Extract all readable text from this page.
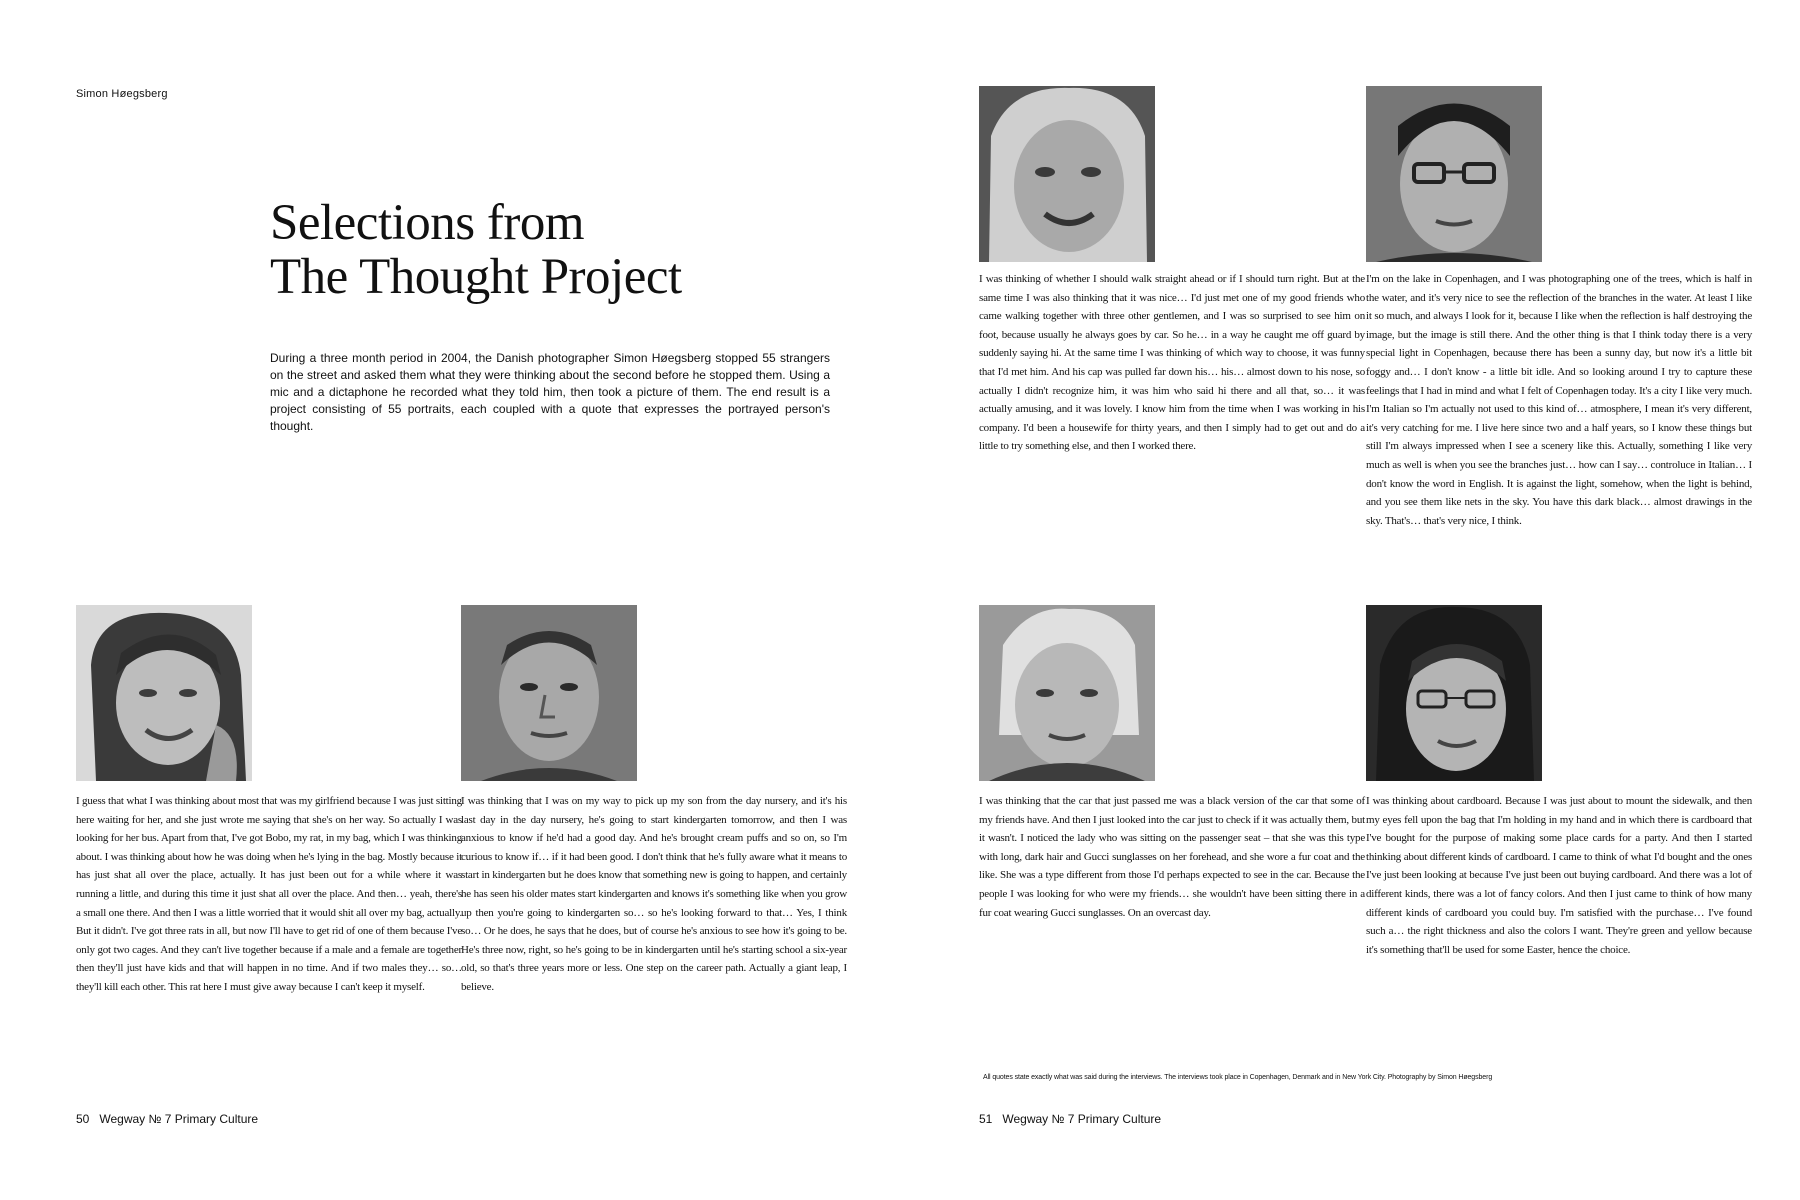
Simon Høegsberg
Selections from
The Thought Project

During a three month period in 2004, the Danish photographer Simon Høegsberg stopped 55 strangers on the street and asked them what they were thinking about the second before he stopped them. Using a mic and a dictaphone he recorded what they told him, then took a picture of them. The end result is a project consisting of 55 portraits, each coupled with a quote that expresses the portrayed person's thought.

I guess that what I was thinking about most that was my girlfriend because I was just sitting here waiting for her, and she just wrote me saying that she's on her way. So actually I was looking for her bus. Apart from that, I've got Bobo, my rat, in my bag, which I was thinking about. I was thinking about how he was doing when he's lying in the bag. Mostly because it has just shat all over the place, actually. It has just been out for a while where it was running a little, and during this time it just shat all over the place. And then… yeah, there's a small one there. And then I was a little worried that it would shit all over my bag, actually. But it didn't. I've got three rats in all, but now I'll have to get rid of one of them because I've only got two cages. And they can't live together because if a male and a female are together then they'll just have kids and that will happen in no time. And if two males they… so… they'll kill each other. This rat here I must give away because I can't keep it myself.
I was thinking that I was on my way to pick up my son from the day nursery, and it's his last day in the day nursery, he's going to start kindergarten tomorrow, and then I was anxious to know if he'd had a good day. And he's brought cream puffs and so on, so I'm curious to know if… if it had been good. I don't think that he's fully aware what it means to start in kindergarten but he does know that something new is going to happen, and certainly he has seen his older mates start kindergarten and knows it's something like when you grow up then you're going to kindergarten so… so he's looking forward to that… Yes, I think so… Or he does, he says that he does, but of course he's anxious to see how it's going to be. He's three now, right, so he's going to be in kindergarten until he's starting school a six-year old, so that's three years more or less. One step on the career path. Actually a giant leap, I believe.
50 Wegway № 7 Primary Culture
I was thinking of whether I should walk straight ahead or if I should turn right. But at the same time I was also thinking that it was nice… I'd just met one of my good friends who came walking together with three other gentlemen, and I was so surprised to see him on foot, because usually he always goes by car. So he… in a way he caught me off guard by suddenly saying hi. At the same time I was thinking of which way to choose, it was funny that I'd met him. And his cap was pulled far down his… his… almost down to his nose, so actually I didn't recognize him, it was him who said hi there and all that, so… it was actually amusing, and it was lovely. I know him from the time when I was working in his company. I'd been a housewife for thirty years, and then I simply had to get out and do a little to try something else, and then I worked there.
I'm on the lake in Copenhagen, and I was photographing one of the trees, which is half in the water, and it's very nice to see the reflection of the branches in the water. At least I like it so much, and always I look for it, because I like when the reflection is half destroying the image, but the image is still there. And the other thing is that I think today there is a very special light in Copenhagen, because there has been a sunny day, but now it's a little bit foggy and… I don't know - a little bit idle. And so looking around I try to capture these feelings that I had in mind and what I felt of Copenhagen today. It's a city I like very much. I'm Italian so I'm actually not used to this kind of… atmosphere, I mean it's very different, it's very catching for me. I live here since two and a half years, so I know these things but still I'm always impressed when I see a scenery like this. Actually, something I like very much as well is when you see the branches just… how can I say… controluce in Italian… I don't know the word in English. It is against the light, somehow, when the light is behind, and you see them like nets in the sky. You have this dark black… almost drawings in the sky. That's… that's very nice, I think.
I was thinking that the car that just passed me was a black version of the car that some of my friends have. And then I just looked into the car just to check if it was actually them, but it wasn't. I noticed the lady who was sitting on the passenger seat – that she was this type with long, dark hair and Gucci sunglasses on her forehead, and she wore a fur coat and the like. She was a type different from those I'd perhaps expected to see in the car. Because the people I was looking for who were my friends… she wouldn't have been sitting there in a fur coat wearing Gucci sunglasses. On an overcast day.
I was thinking about cardboard. Because I was just about to mount the sidewalk, and then my eyes fell upon the bag that I'm holding in my hand and in which there is cardboard that I've bought for the purpose of making some place cards for a party. And then I started thinking about different kinds of cardboard. I came to think of what I'd bought and the ones I've just been looking at because I've just been out buying cardboard. And there was a lot of different kinds, there was a lot of fancy colors. And then I just came to think of how many different kinds of cardboard you could buy. I'm satisfied with the purchase… I've found such a… the right thickness and also the colors I want. They're green and yellow because it's something that'll be used for some Easter, hence the choice.
All quotes state exactly what was said during the interviews. The interviews took place in Copenhagen, Denmark and in New York City. Photography by Simon Høegsberg
51 Wegway № 7 Primary Culture
